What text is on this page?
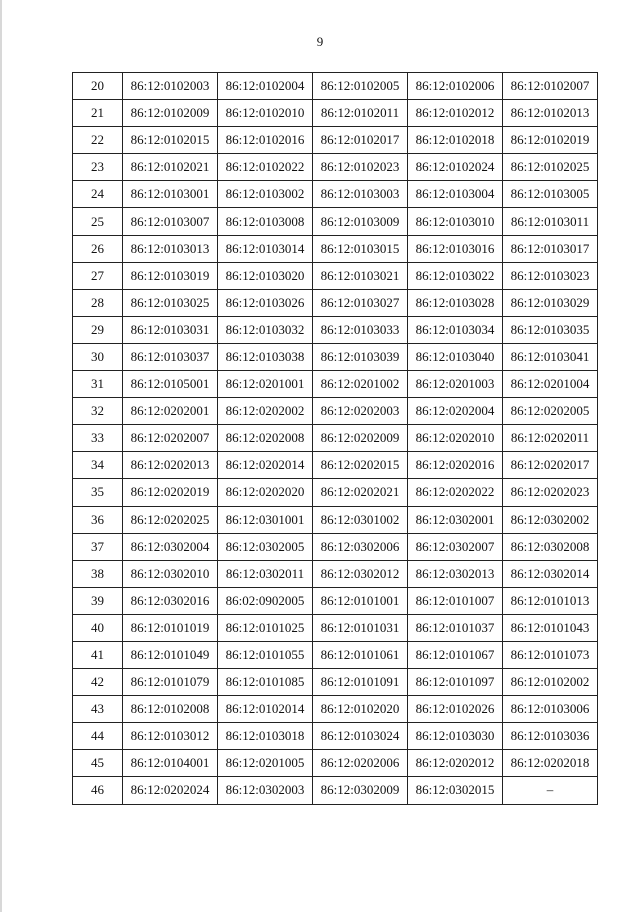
9
20	86:12:0102003	86:12:0102004	86:12:0102005	86:12:0102006	86:12:0102007
21	86:12:0102009	86:12:0102010	86:12:0102011	86:12:0102012	86:12:0102013
22	86:12:0102015	86:12:0102016	86:12:0102017	86:12:0102018	86:12:0102019
23	86:12:0102021	86:12:0102022	86:12:0102023	86:12:0102024	86:12:0102025
24	86:12:0103001	86:12:0103002	86:12:0103003	86:12:0103004	86:12:0103005
25	86:12:0103007	86:12:0103008	86:12:0103009	86:12:0103010	86:12:0103011
26	86:12:0103013	86:12:0103014	86:12:0103015	86:12:0103016	86:12:0103017
27	86:12:0103019	86:12:0103020	86:12:0103021	86:12:0103022	86:12:0103023
28	86:12:0103025	86:12:0103026	86:12:0103027	86:12:0103028	86:12:0103029
29	86:12:0103031	86:12:0103032	86:12:0103033	86:12:0103034	86:12:0103035
30	86:12:0103037	86:12:0103038	86:12:0103039	86:12:0103040	86:12:0103041
31	86:12:0105001	86:12:0201001	86:12:0201002	86:12:0201003	86:12:0201004
32	86:12:0202001	86:12:0202002	86:12:0202003	86:12:0202004	86:12:0202005
33	86:12:0202007	86:12:0202008	86:12:0202009	86:12:0202010	86:12:0202011
34	86:12:0202013	86:12:0202014	86:12:0202015	86:12:0202016	86:12:0202017
35	86:12:0202019	86:12:0202020	86:12:0202021	86:12:0202022	86:12:0202023
36	86:12:0202025	86:12:0301001	86:12:0301002	86:12:0302001	86:12:0302002
37	86:12:0302004	86:12:0302005	86:12:0302006	86:12:0302007	86:12:0302008
38	86:12:0302010	86:12:0302011	86:12:0302012	86:12:0302013	86:12:0302014
39	86:12:0302016	86:02:0902005	86:12:0101001	86:12:0101007	86:12:0101013
40	86:12:0101019	86:12:0101025	86:12:0101031	86:12:0101037	86:12:0101043
41	86:12:0101049	86:12:0101055	86:12:0101061	86:12:0101067	86:12:0101073
42	86:12:0101079	86:12:0101085	86:12:0101091	86:12:0101097	86:12:0102002
43	86:12:0102008	86:12:0102014	86:12:0102020	86:12:0102026	86:12:0103006
44	86:12:0103012	86:12:0103018	86:12:0103024	86:12:0103030	86:12:0103036
45	86:12:0104001	86:12:0201005	86:12:0202006	86:12:0202012	86:12:0202018
46	86:12:0202024	86:12:0302003	86:12:0302009	86:12:0302015	–
